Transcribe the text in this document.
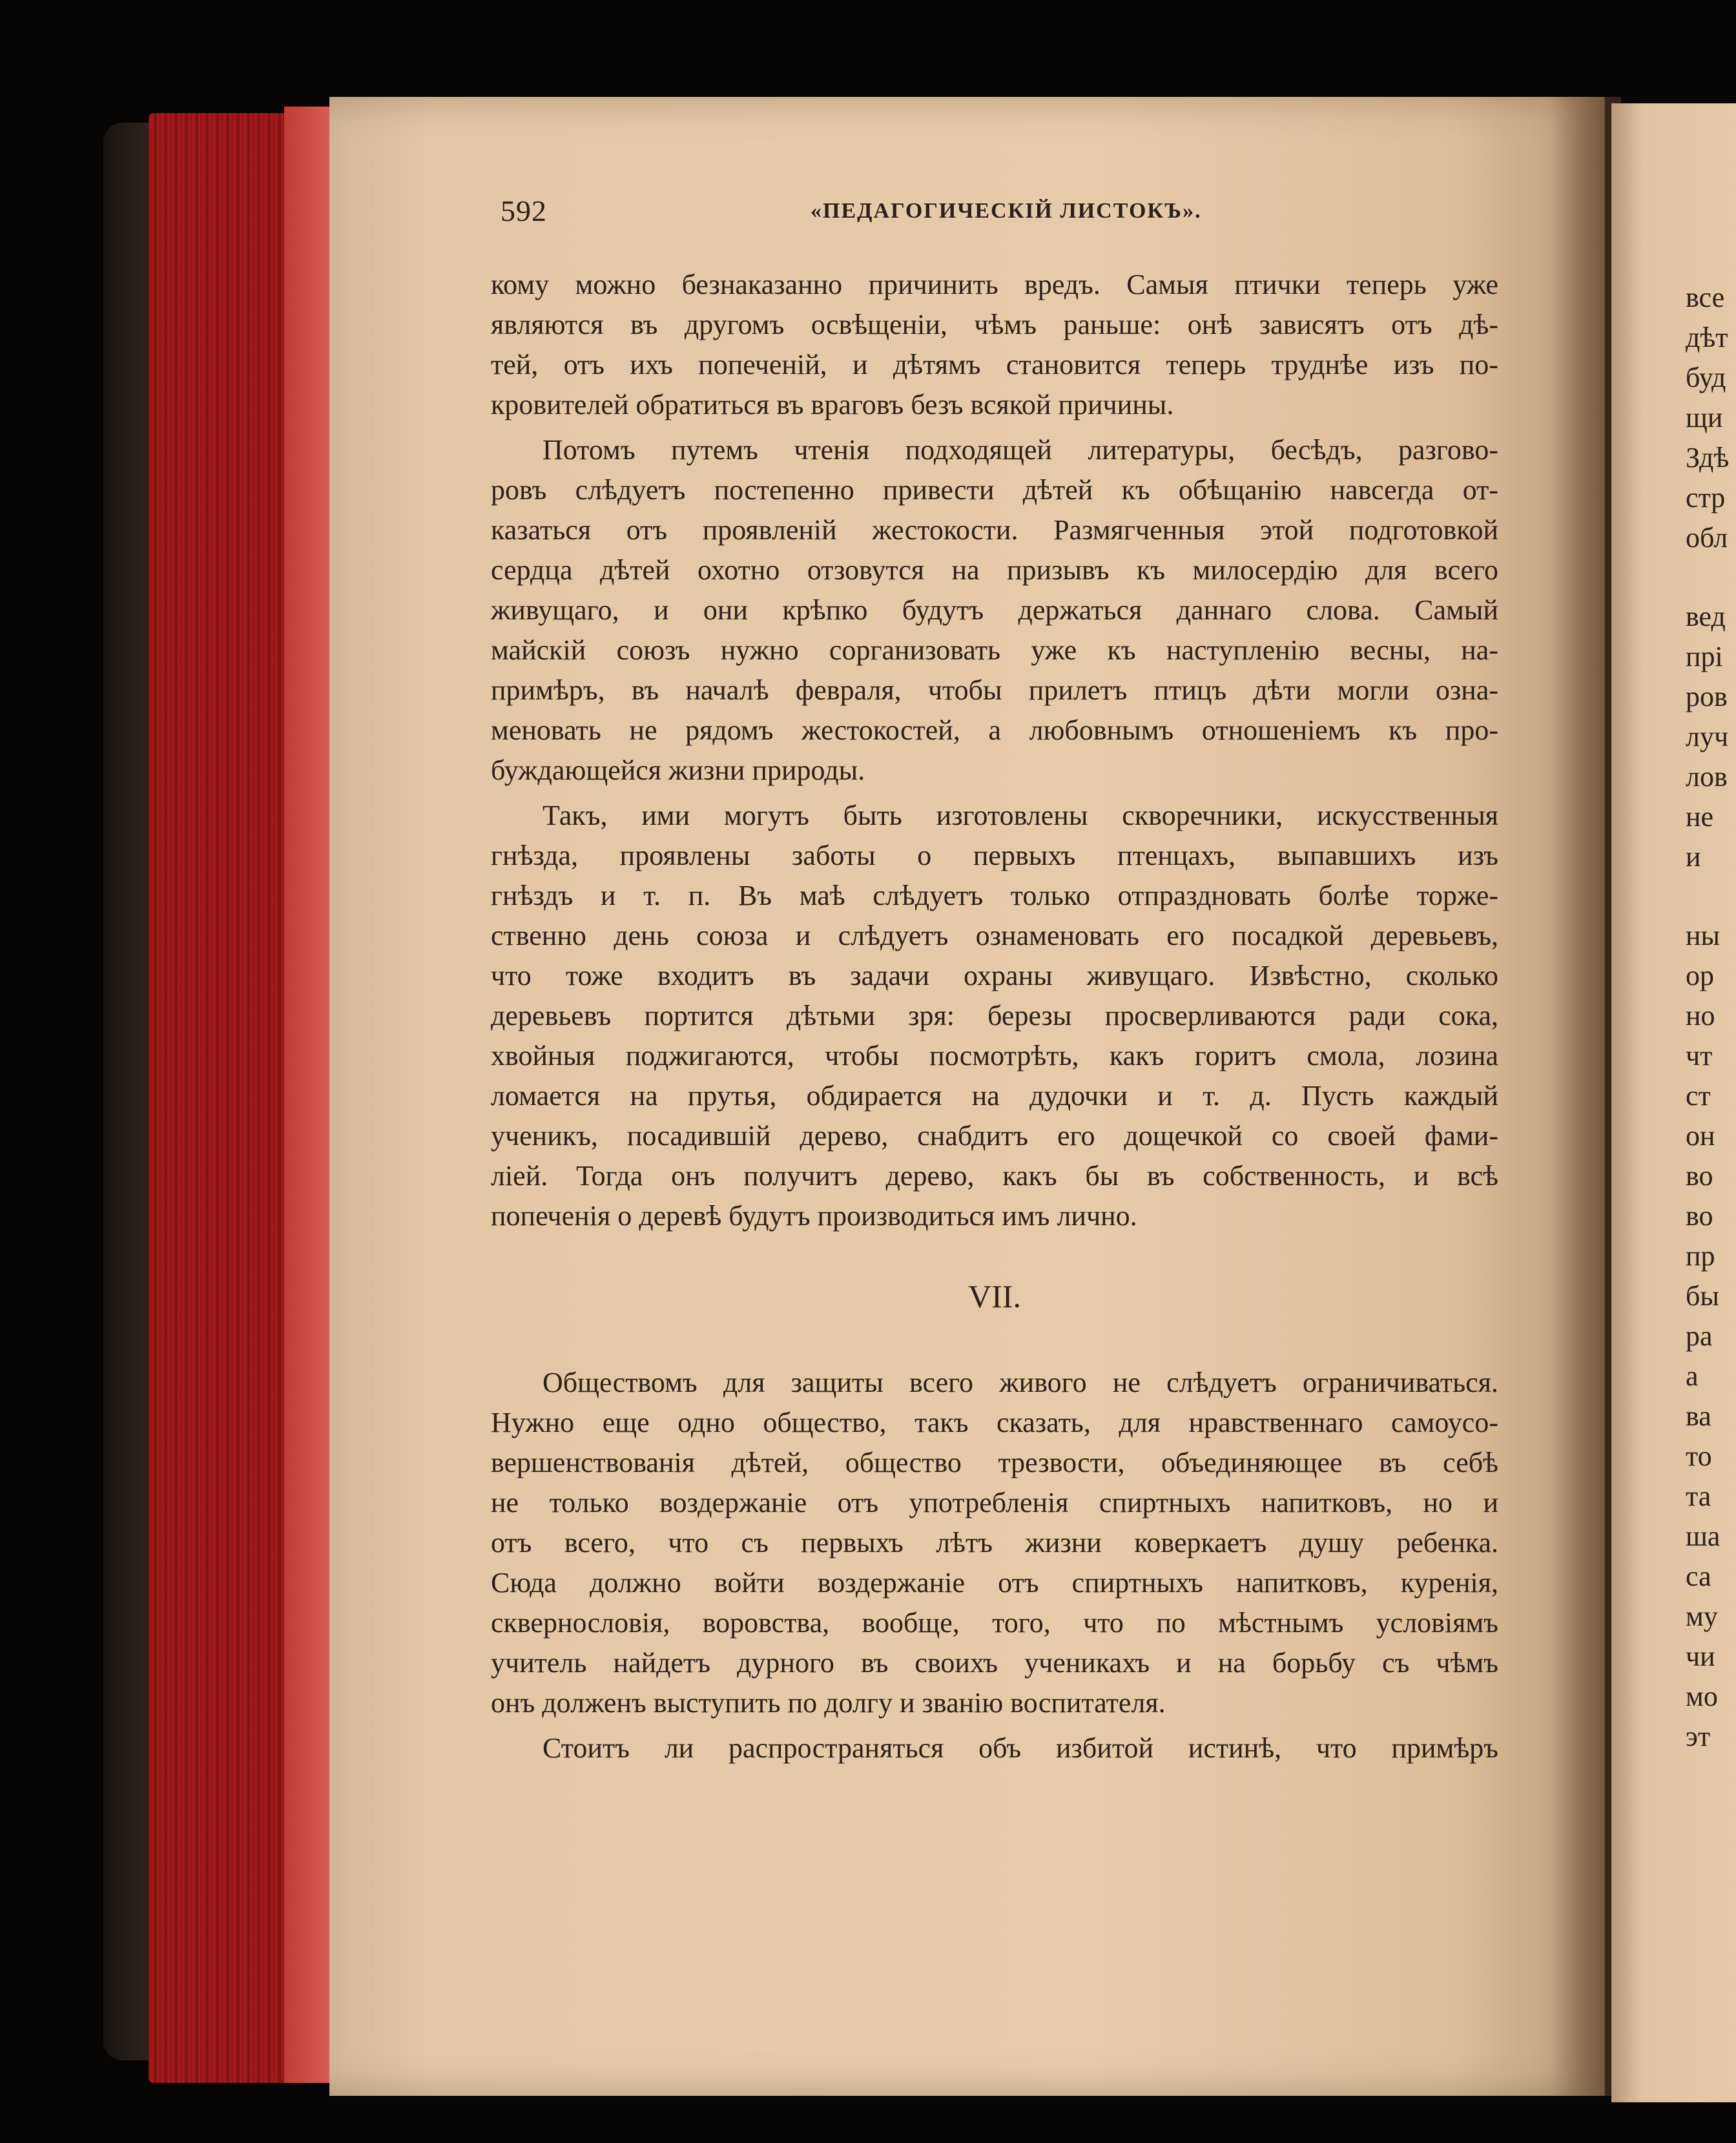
592	«ПЕДАГОГИЧЕСКІЙ ЛИСТОКЪ».
кому можно безнаказанно причинить вредъ. Самыя птички теперь уже
являются въ другомъ освѣщеніи, чѣмъ раньше: онѣ зависятъ отъ дѣ-
тей, отъ ихъ попеченій, и дѣтямъ становится теперь труднѣе изъ по-
кровителей обратиться въ враговъ безъ всякой причины.
Потомъ путемъ чтенія подходящей литературы, бесѣдъ, разгово-
ровъ слѣдуетъ постепенно привести дѣтей къ обѣщанію навсегда от-
казаться отъ проявленій жестокости. Размягченныя этой подготовкой
сердца дѣтей охотно отзовутся на призывъ къ милосердію для всего
живущаго, и они крѣпко будутъ держаться даннаго слова. Самый
майскій союзъ нужно сорганизовать уже къ наступленію весны, на-
примѣръ, въ началѣ февраля, чтобы прилетъ птицъ дѣти могли озна-
меновать не рядомъ жестокостей, а любовнымъ отношеніемъ къ про-
буждающейся жизни природы.
Такъ, ими могутъ быть изготовлены скворечники, искусственныя
гнѣзда, проявлены заботы о первыхъ птенцахъ, выпавшихъ изъ
гнѣздъ и т. п. Въ маѣ слѣдуетъ только отпраздновать болѣе торже-
ственно день союза и слѣдуетъ ознаменовать его посадкой деревьевъ,
что тоже входитъ въ задачи охраны живущаго. Извѣстно, сколько
деревьевъ портится дѣтьми зря: березы просверливаются ради сока,
хвойныя поджигаются, чтобы посмотрѣть, какъ горитъ смола, лозина
ломается на прутья, обдирается на дудочки и т. д. Пусть каждый
ученикъ, посадившій дерево, снабдитъ его дощечкой со своей фами-
ліей. Тогда онъ получитъ дерево, какъ бы въ собственность, и всѣ
попеченія о деревѣ будутъ производиться имъ лично.
VII.
Обществомъ для защиты всего живого не слѣдуетъ ограничиваться.
Нужно еще одно общество, такъ сказать, для нравственнаго самоусо-
вершенствованія дѣтей, общество трезвости, объединяющее въ себѣ
не только воздержаніе отъ употребленія спиртныхъ напитковъ, но и
отъ всего, что съ первыхъ лѣтъ жизни коверкаетъ душу ребенка.
Сюда должно войти воздержаніе отъ спиртныхъ напитковъ, куренія,
сквернословія, воровства, вообще, того, что по мѣстнымъ условіямъ
учитель найдетъ дурного въ своихъ ученикахъ и на борьбу съ чѣмъ
онъ долженъ выступить по долгу и званію воспитателя.
Стоитъ ли распространяться объ избитой истинѣ, что примѣръ
все
дѣт
буд
щи
Здѣ
стр
обл
вед
прі
ров
луч
лов
не
и
ны
ор
но
чт
ст
он
во
во
пр
бы
ра
а
ва
то
та
ша
са
му
чи
мо
эт
